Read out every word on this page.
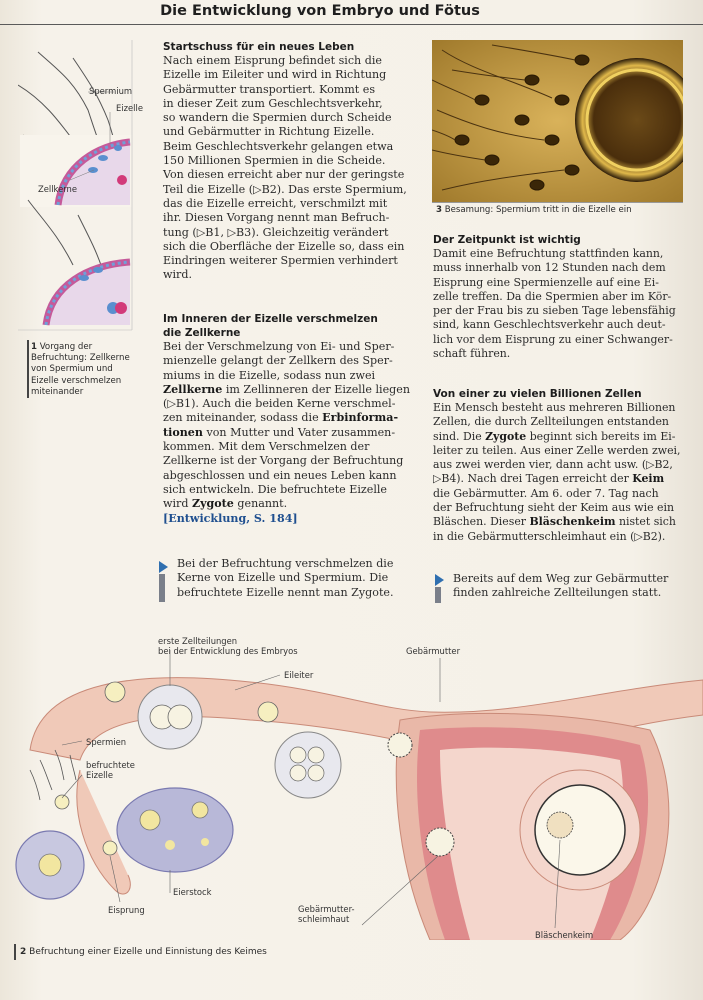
Die Entwicklung von Embryo und Fötus
Spermium
Eizelle
Zellkerne
1 Vorgang der
Befruchtung: Zellkerne
von Spermium und
Eizelle verschmelzen
miteinander
Startschuss für ein neues Leben
Nach einem Eisprung befindet sich die
Eizelle im Eileiter und wird in Richtung
Gebärmutter transportiert. Kommt es
in dieser Zeit zum Geschlechtsverkehr,
so wandern die Spermien durch Scheide
und Gebärmutter in Richtung Eizelle.
Beim Geschlechtsverkehr gelangen etwa
150 Millionen Spermien in die Scheide.
Von diesen erreicht aber nur der geringste
Teil die Eizelle (▷B2). Das erste Spermium,
das die Eizelle erreicht, verschmilzt mit
ihr. Diesen Vorgang nennt man Befruch-
tung (▷B1, ▷B3). Gleichzeitig verändert
sich die Oberfläche der Eizelle so, dass ein
Eindringen weiterer Spermien verhindert
wird.
Im Inneren der Eizelle verschmelzen
die Zellkerne
Bei der Verschmelzung von Ei- und Sper-
mienzelle gelangt der Zellkern des Sper-
miums in die Eizelle, sodass nun zwei
Zellkerne im Zellinneren der Eizelle liegen
(▷B1). Auch die beiden Kerne verschmel-
zen miteinander, sodass die Erbinforma-
tionen von Mutter und Vater zusammen-
kommen. Mit dem Verschmelzen der
Zellkerne ist der Vorgang der Befruchtung
abgeschlossen und ein neues Leben kann
sich entwickeln. Die befruchtete Eizelle
wird Zygote genannt.
[Entwicklung, S. 184]
Bei der Befruchtung verschmelzen die
Kerne von Eizelle und Spermium. Die
befruchtete Eizelle nennt man Zygote.
3 Besamung: Spermium tritt in die Eizelle ein
Der Zeitpunkt ist wichtig
Damit eine Befruchtung stattfinden kann,
muss innerhalb von 12 Stunden nach dem
Eisprung eine Spermienzelle auf eine Ei-
zelle treffen. Da die Spermien aber im Kör-
per der Frau bis zu sieben Tage lebensfähig
sind, kann Geschlechtsverkehr auch deut-
lich vor dem Eisprung zu einer Schwanger-
schaft führen.
Von einer zu vielen Billionen Zellen
Ein Mensch besteht aus mehreren Billionen
Zellen, die durch Zellteilungen entstanden
sind. Die Zygote beginnt sich bereits im Ei-
leiter zu teilen. Aus einer Zelle werden zwei,
aus zwei werden vier, dann acht usw. (▷B2,
▷B4). Nach drei Tagen erreicht der Keim
die Gebärmutter. Am 6. oder 7. Tag nach
der Befruchtung sieht der Keim aus wie ein
Bläschen. Dieser Bläschenkeim nistet sich
in die Gebärmutterschleimhaut ein (▷B2).
Bereits auf dem Weg zur Gebärmutter
finden zahlreiche Zellteilungen statt.
erste Zellteilungen
bei der Entwicklung des Embryos	Gebärmutter
Eileiter
Spermien
befruchtete
Eizelle
Eierstock
Eisprung	Gebärmutter-
schleimhaut
Bläschenkeim
2 Befruchtung einer Eizelle und Einnistung des Keimes
